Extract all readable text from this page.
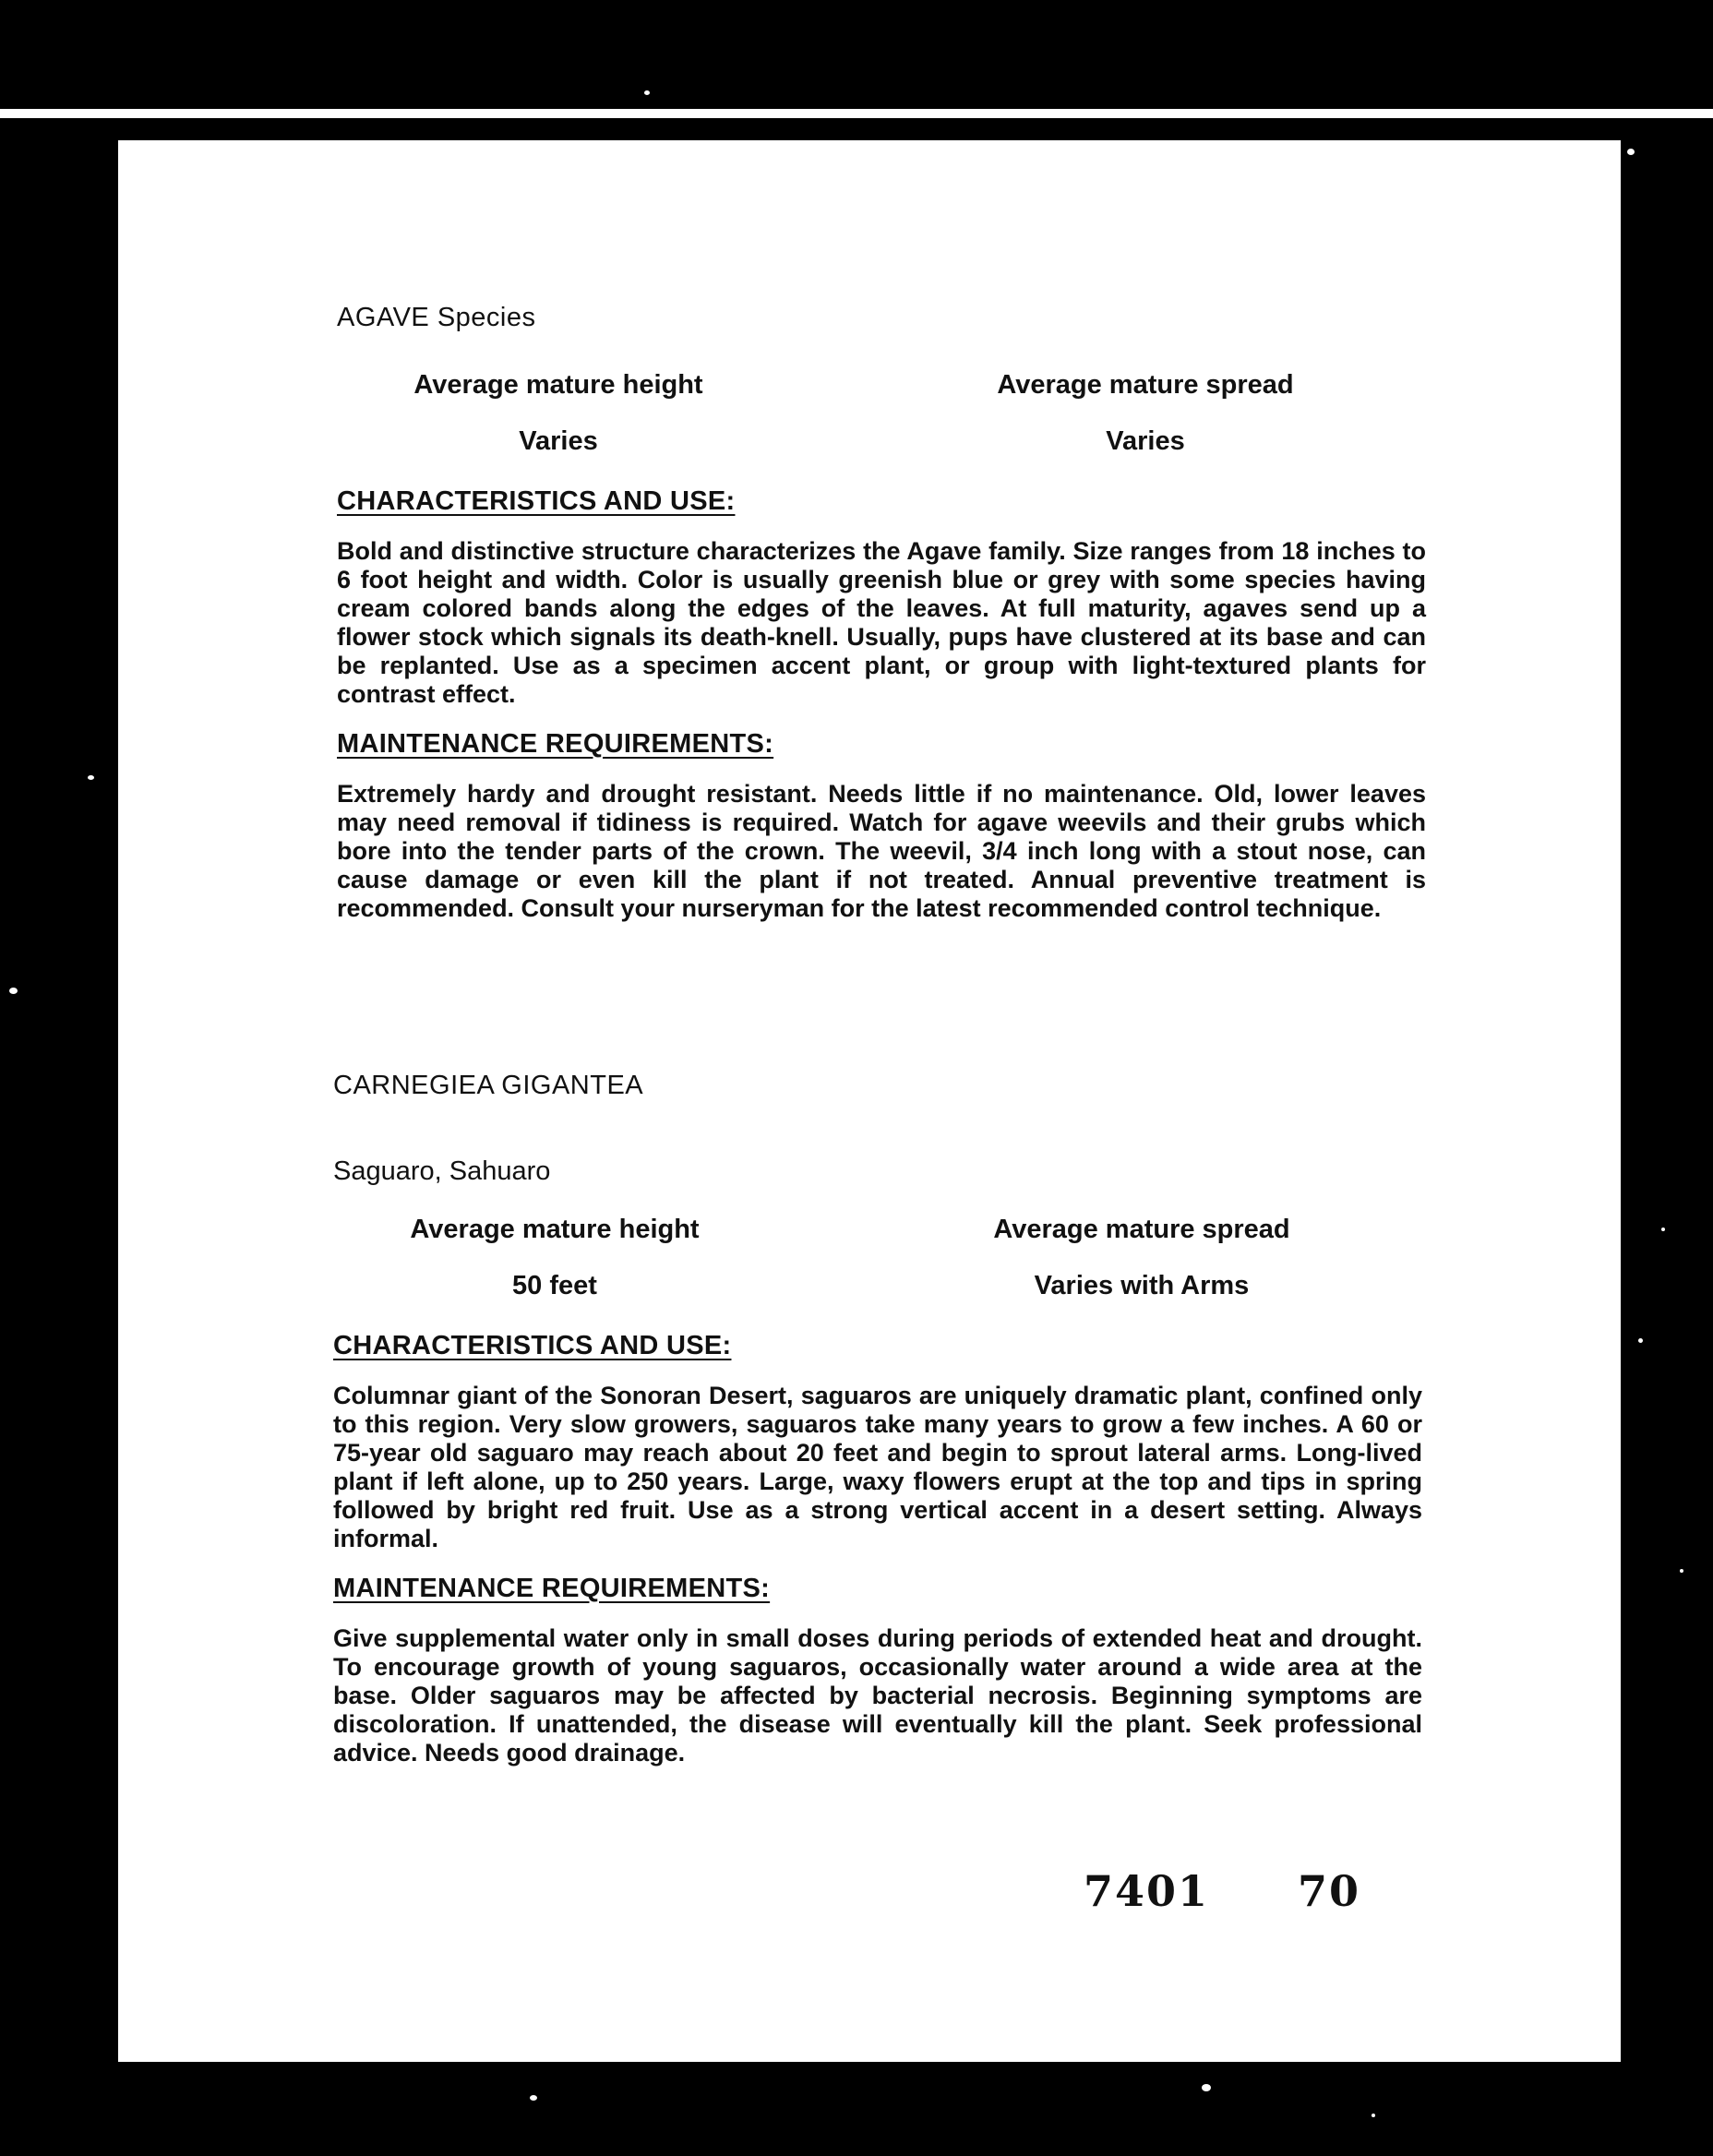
AGAVE Species
Average mature height
Varies
Average mature spread
Varies
CHARACTERISTICS AND USE:

Bold and distinctive structure characterizes the Agave family. Size ranges from 18 inches to 6 foot height and width. Color is usually greenish blue or grey with some species having cream colored bands along the edges of the leaves. At full maturity, agaves send up a flower stock which signals its death-knell. Usually, pups have clustered at its base and can be replanted. Use as a specimen accent plant, or group with light-textured plants for contrast effect.

MAINTENANCE REQUIREMENTS:

Extremely hardy and drought resistant. Needs little if no maintenance. Old, lower leaves may need removal if tidiness is required. Watch for agave weevils and their grubs which bore into the tender parts of the crown. The weevil, 3/4 inch long with a stout nose, can cause damage or even kill the plant if not treated. Annual preventive treatment is recommended. Consult your nurseryman for the latest recommended control technique.

CARNEGIEA GIGANTEA

Saguaro, Sahuaro

Average mature height
50 feet
Average mature spread
Varies with Arms
CHARACTERISTICS AND USE:

Columnar giant of the Sonoran Desert, saguaros are uniquely dramatic plant, confined only to this region. Very slow growers, saguaros take many years to grow a few inches. A 60 or 75-year old saguaro may reach about 20 feet and begin to sprout lateral arms. Long-lived plant if left alone, up to 250 years. Large, waxy flowers erupt at the top and tips in spring followed by bright red fruit. Use as a strong vertical accent in a desert setting. Always informal.

MAINTENANCE REQUIREMENTS:

Give supplemental water only in small doses during periods of extended heat and drought. To encourage growth of young saguaros, occasionally water around a wide area at the base. Older saguaros may be affected by bacterial necrosis. Beginning symptoms are discoloration. If unattended, the disease will eventually kill the plant. Seek professional advice. Needs good drainage.

7401 70
